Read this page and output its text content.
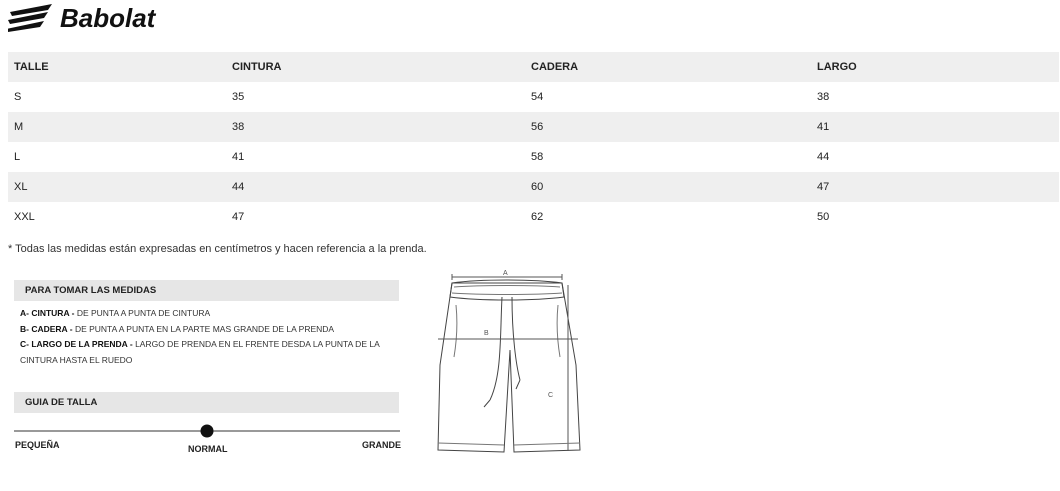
Babolat
TALLE	CINTURA	CADERA	LARGO
S	35	54	38
M	38	56	41
L	41	58	44
XL	44	60	47
XXL	47	62	50
* Todas las medidas están expresadas en centímetros y hacen referencia a la prenda.
PARA TOMAR LAS MEDIDAS
A- CINTURA - DE PUNTA A PUNTA DE CINTURA
B- CADERA - DE PUNTA A PUNTA EN LA PARTE MAS GRANDE DE LA PRENDA
C- LARGO DE LA PRENDA - LARGO DE PRENDA EN EL FRENTE DESDA LA PUNTA DE LA
CINTURA HASTA EL RUEDO
GUIA DE TALLA
PEQUEÑA	NORMAL	GRANDE
A
B
C
